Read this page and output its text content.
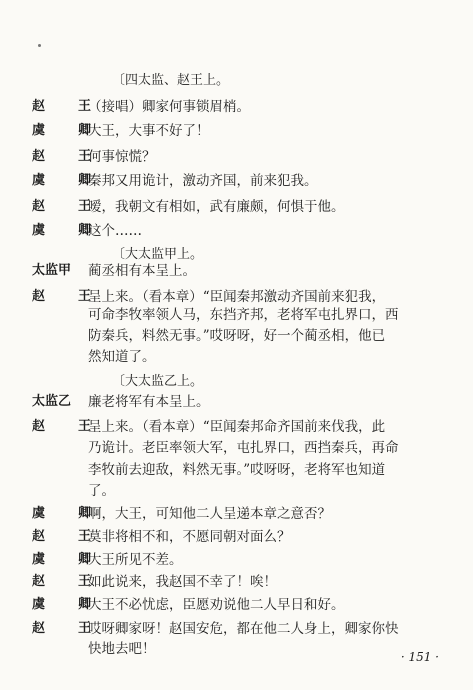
〔四太监、赵王上。
赵　王
（接唱）卿家何事锁眉梢。
虞　卿
大王，大事不好了！
赵　王
何事惊慌？
虞　卿
秦邦又用诡计，激动齐国，前来犯我。
赵　王
嗳，我朝文有相如，武有廉颇，何惧于他。
虞　卿
这个……
〔大太监甲上。
太监甲	蔺丞相有本呈上。
赵　王
呈上来。（看本章）“臣闻秦邦激动齐国前来犯我，
可命李牧率领人马，东挡齐邦，老将军屯扎界口，西
防秦兵，料然无事。”哎呀呀，好一个蔺丞相，他已
然知道了。
〔大太监乙上。
太监乙	廉老将军有本呈上。
赵　王
呈上来。（看本章）“臣闻秦邦命齐国前来伐我，此
乃诡计。老臣率领大军，屯扎界口，西挡秦兵，再命
李牧前去迎敌，料然无事。”哎呀呀，老将军也知道
了。
虞　卿
啊，大王，可知他二人呈递本章之意否？
赵　王
莫非将相不和，不愿同朝对面么？
虞　卿
大王所见不差。
赵　王
如此说来，我赵国不幸了！唉！
虞　卿
大王不必忧虑，臣愿劝说他二人早日和好。
赵　王
哎呀卿家呀！赵国安危，都在他二人身上，卿家你快
快地去吧！	· 151 ·
